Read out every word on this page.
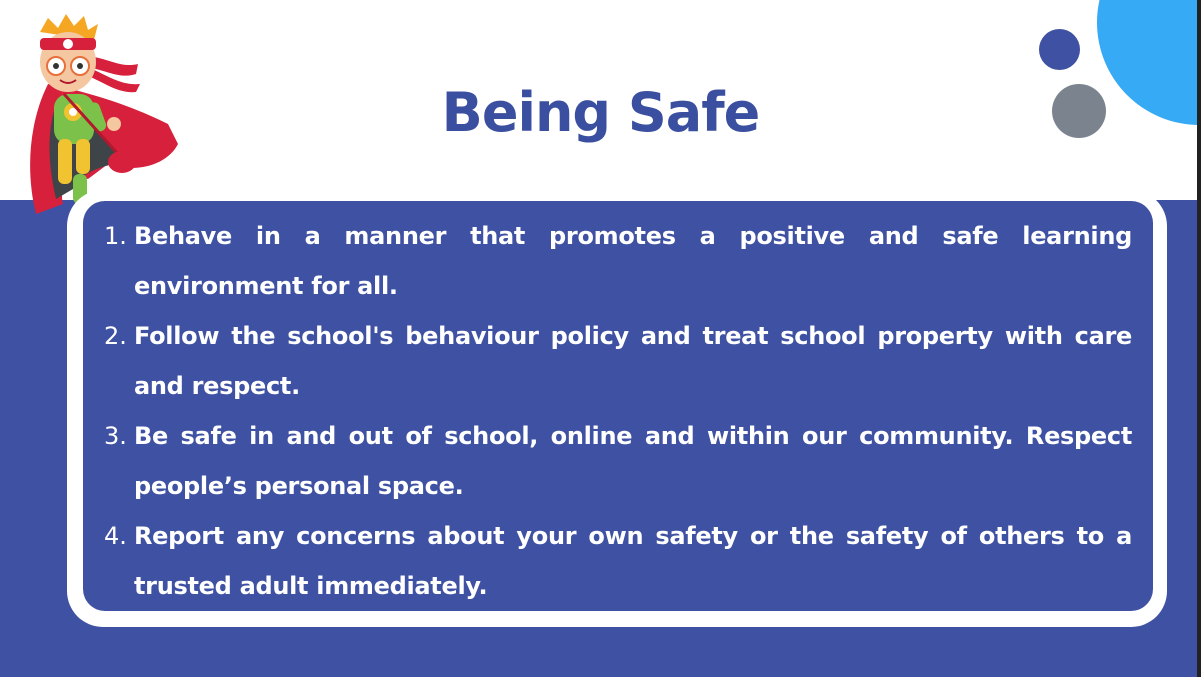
Being Safe
1. Behave in a manner that promotes a positive and safe learning environment for all.
2. Follow the school's behaviour policy and treat school property with care and respect.
3. Be safe in and out of school, online and within our community. Respect people’s personal space.
4. Report any concerns about your own safety or the safety of others to a trusted adult immediately.
